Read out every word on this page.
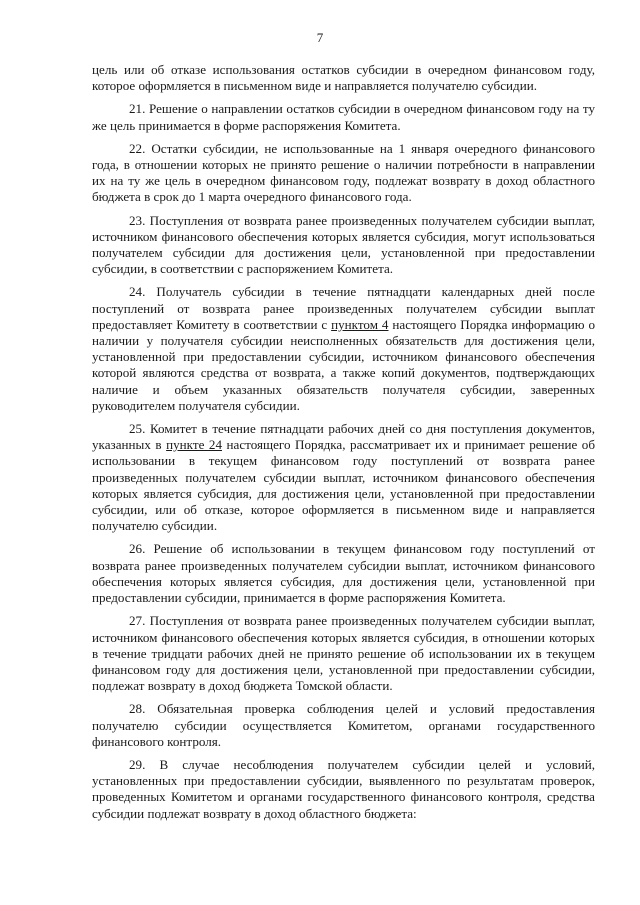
7

цель или об отказе использования остатков субсидии в очередном финансовом году, которое оформляется в письменном виде и направляется получателю субсидии.

21. Решение о направлении остатков субсидии в очередном финансовом году на ту же цель принимается в форме распоряжения Комитета.

22. Остатки субсидии, не использованные на 1 января очередного финансового года, в отношении которых не принято решение о наличии потребности в направлении их на ту же цель в очередном финансовом году, подлежат возврату в доход областного бюджета в срок до 1 марта очередного финансового года.

23. Поступления от возврата ранее произведенных получателем субсидии выплат, источником финансового обеспечения которых является субсидия, могут использоваться получателем субсидии для достижения цели, установленной при предоставлении субсидии, в соответствии с распоряжением Комитета.

24. Получатель субсидии в течение пятнадцати календарных дней после поступлений от возврата ранее произведенных получателем субсидии выплат предоставляет Комитету в соответствии с пунктом 4 настоящего Порядка информацию о наличии у получателя субсидии неисполненных обязательств для достижения цели, установленной при предоставлении субсидии, источником финансового обеспечения которой являются средства от возврата, а также копий документов, подтверждающих наличие и объем указанных обязательств получателя субсидии, заверенных руководителем получателя субсидии.

25. Комитет в течение пятнадцати рабочих дней со дня поступления документов, указанных в пункте 24 настоящего Порядка, рассматривает их и принимает решение об использовании в текущем финансовом году поступлений от возврата ранее произведенных получателем субсидии выплат, источником финансового обеспечения которых является субсидия, для достижения цели, установленной при предоставлении субсидии, или об отказе, которое оформляется в письменном виде и направляется получателю субсидии.

26. Решение об использовании в текущем финансовом году поступлений от возврата ранее произведенных получателем субсидии выплат, источником финансового обеспечения которых является субсидия, для достижения цели, установленной при предоставлении субсидии, принимается в форме распоряжения Комитета.

27. Поступления от возврата ранее произведенных получателем субсидии выплат, источником финансового обеспечения которых является субсидия, в отношении которых в течение тридцати рабочих дней не принято решение об использовании их в текущем финансовом году для достижения цели, установленной при предоставлении субсидии, подлежат возврату в доход бюджета Томской области.

28. Обязательная проверка соблюдения целей и условий предоставления получателю субсидии осуществляется Комитетом, органами государственного финансового контроля.

29. В случае несоблюдения получателем субсидии целей и условий, установленных при предоставлении субсидии, выявленного по результатам проверок, проведенных Комитетом и органами государственного финансового контроля, средства субсидии подлежат возврату в доход областного бюджета:
